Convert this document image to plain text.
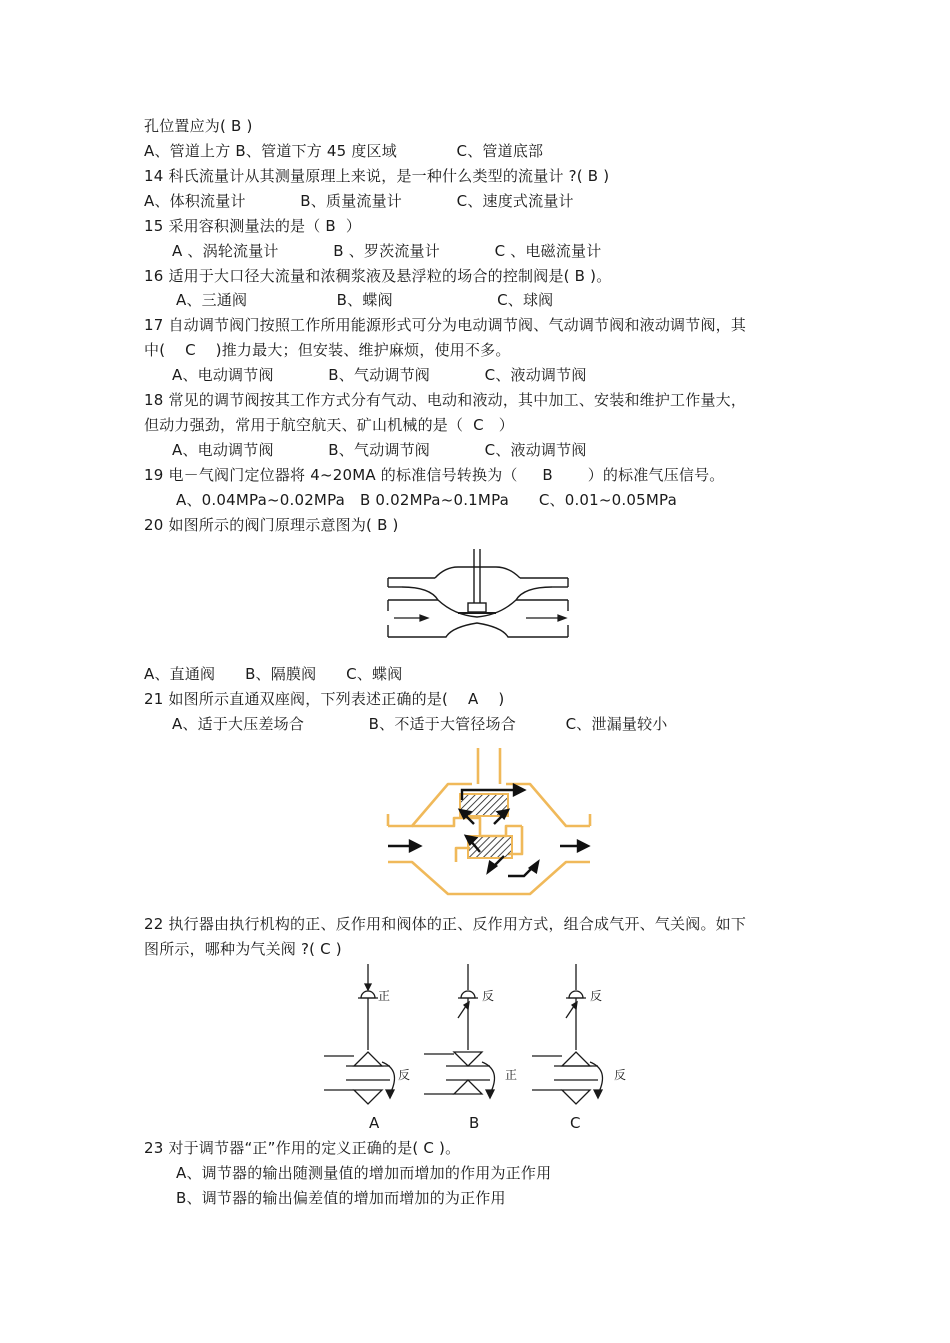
孔位置应为( B )
A、管道上方 B、管道下方 45 度区域            C、管道底部
14 科氏流量计从其测量原理上来说，是一种什么类型的流量计 ?( B )
A、体积流量计           B、质量流量计           C、速度式流量计
15 采用容积测量法的是（ B  ）
A 、涡轮流量计           B 、罗茨流量计           C 、电磁流量计
16 适用于大口径大流量和浓稠浆液及悬浮粒的场合的控制阀是( B )。
A、三通阀                  B、蝶阀                     C、球阀
17 自动调节阀门按照工作所用能源形式可分为电动调节阀、气动调节阀和液动调节阀，其
中(    C    )推力最大；但安装、维护麻烦，使用不多。
A、电动调节阀           B、气动调节阀           C、液动调节阀
18 常见的调节阀按其工作方式分有气动、电动和液动，其中加工、安装和维护工作量大，
但动力强劲，常用于航空航天、矿山机械的是（  C   ）
A、电动调节阀           B、气动调节阀           C、液动调节阀
19 电－气阀门定位器将 4~20MA 的标准信号转换为（     B       ）的标准气压信号。
A、0.04MPa~0.02MPa   B 0.02MPa~0.1MPa      C、0.01~0.05MPa
20 如图所示的阀门原理示意图为( B )
A、直通阀      B、隔膜阀      C、蝶阀
21 如图所示直通双座阀，下列表述正确的是(    A    )
A、适于大压差场合             B、不适于大管径场合          C、泄漏量较小
22 执行器由执行机构的正、反作用和阀体的正、反作用方式，组合成气开、气关阀。如下
图所示，哪种为气关阀 ?( C )
正	反	反
反	正	反
A	B	C
23 对于调节器“正”作用的定义正确的是( C )。
A、调节器的输出随测量值的增加而增加的作用为正作用
B、调节器的输出偏差值的增加而增加的为正作用
